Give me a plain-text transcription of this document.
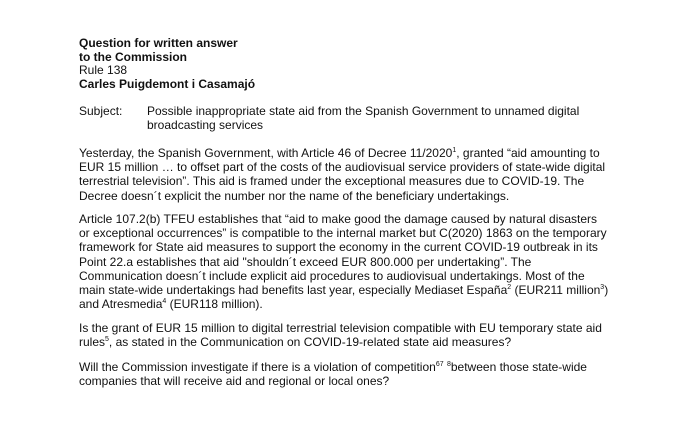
Question for written answer
to the Commission
Rule 138
Carles Puigdemont i Casamajó
Subject: Possible inappropriate state aid from the Spanish Government to unnamed digital broadcasting services

Yesterday, the Spanish Government, with Article 46 of Decree 11/2020$^1$, granted “aid amounting to EUR 15 million … to offset part of the costs of the audiovisual service providers of state-wide digital terrestrial television”. This aid is framed under the exceptional measures due to COVID-19. The Decree doesn´t explicit the number nor the name of the beneficiary undertakings.

Article 107.2(b) TFEU establishes that “aid to make good the damage caused by natural disasters or exceptional occurrences” is compatible to the internal market but C(2020) 1863 on the temporary framework for State aid measures to support the economy in the current COVID-19 outbreak in its Point 22.a establishes that aid "shouldn´t exceed EUR 800.000 per undertaking”. The Communication doesn´t include explicit aid procedures to audiovisual undertakings. Most of the main state-wide undertakings had benefits last year, especially Mediaset España$^2$ (EUR211 million$^3$) and Atresmedia$^4$ (EUR118 million).

Is the grant of EUR 15 million to digital terrestrial television compatible with EU temporary state aid rules$^5$, as stated in the Communication on COVID-19-related state aid measures?

Will the Commission investigate if there is a violation of competition$^{67}$ $^8$between those state-wide companies that will receive aid and regional or local ones?
